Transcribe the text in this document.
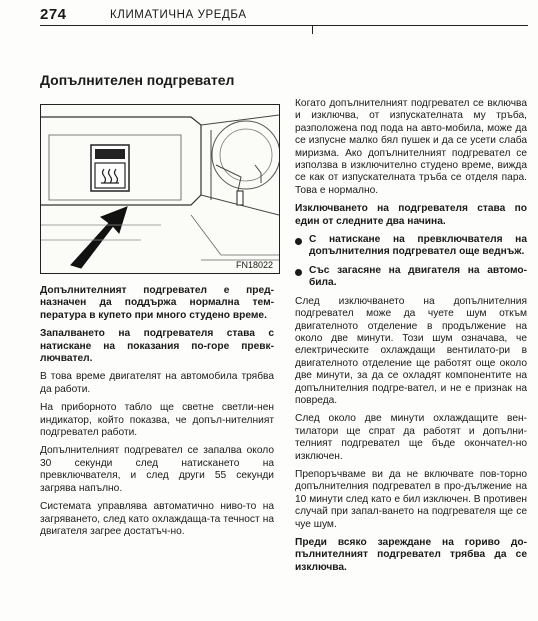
274	КЛИМАТИЧНА УРЕДБА
Допълнителен подгревател
FN18022

Допълнителният подгревател е пред-назначен да поддържа нормална тем-пература в купето при много студено време.

Запалването на подгревателя става с натискане на показания по-горе превк-лючвател.

В това време двигателят на автомобила трябва да работи.

На приборното табло ще светне светли-нен индикатор, който показва, че допъл-нителният подгревател работи.

Допълнителният подгревател се запалва около 30 секунди след натискането на превключвателя, и след други 55 секунди загрява напълно.

Системата управлява автоматично ниво-то на загряването, след като охлаждаща-та течност на двигателя загрее достатъч-но.

Когато допълнителният подгревател се включва и изключва, от изпускателната му тръба, разположена под пода на авто-мобила, може да се изпусне малко бял пушек и да се усети слаба миризма. Ако допълнителният подгревател се използва в изключително студено време, вижда се как от изпускателната тръба се отделя пара. Това е нормално.

Изключването на подгревателя става по един от следните два начина.

С натискане на превключвателя на допълнителния подгревател още веднъж.
Със загасяне на двигателя на автомо-била.

След изключването на допълнителния подгревател може да чуете шум откъм двигателното отделение в продължение на около две минути. Този шум означава, че електрическите охлаждащи вентилато-ри в двигателното отделение ще работят още около две минути, за да се охладят компонентите на допълнителния подгре-вател, и не е признак на повреда.

След около две минути охлаждащите вен-тилатори ще спрат да работят и допълни-телният подгревател ще бъде окончател-но изключен.

Препоръчваме ви да не включвате пов-торно допълнителния подгревател в про-дължение на 10 минути след като е бил изключен. В противен случай при запал-ването на подгревателя ще се чуе шум.

Преди всяко зареждане на гориво до-пълнителният подгревател трябва да се изключва.
